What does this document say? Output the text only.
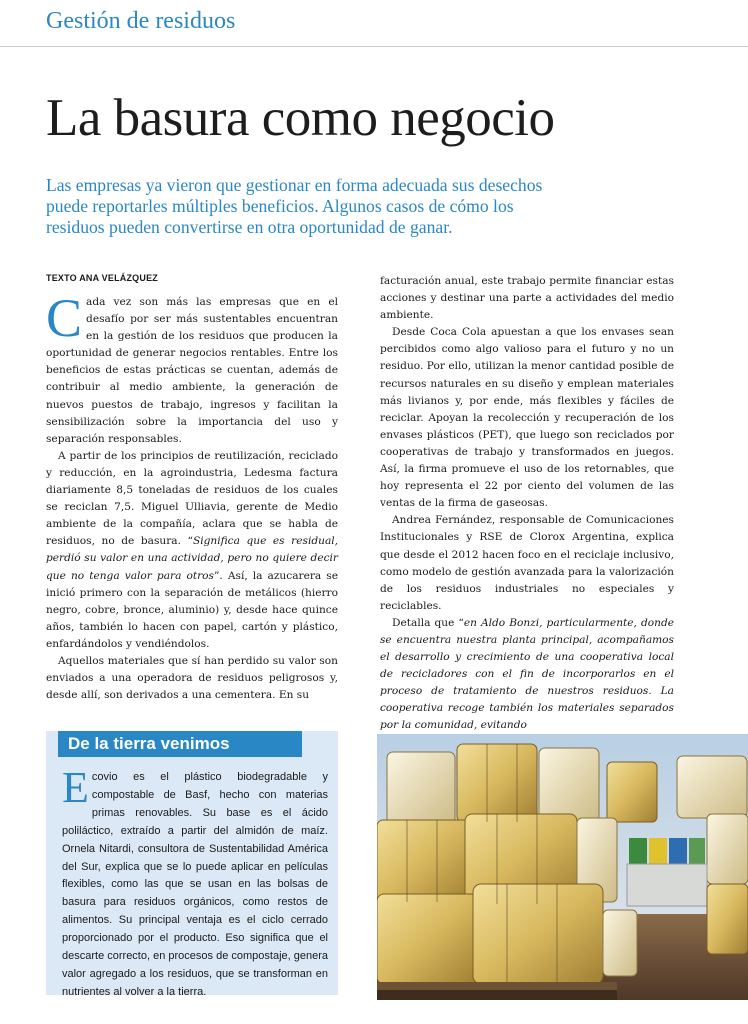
Gestión de residuos
La basura como negocio
Las empresas ya vieron que gestionar en forma adecuada sus desechos puede reportarles múltiples beneficios. Algunos casos de cómo los residuos pueden convertirse en otra oportunidad de ganar.
TEXTO ANA VELÁZQUEZ

Cada vez son más las empresas que en el desafío por ser más sustentables encuentran en la gestión de los residuos que producen la oportunidad de generar negocios rentables. Entre los beneficios de estas prácticas se cuentan, además de contribuir al medio ambiente, la generación de nuevos puestos de trabajo, ingresos y facilitan la sensibilización sobre la importancia del uso y separación responsables.

A partir de los principios de reutilización, reciclado y reducción, en la agroindustria, Ledesma factura diariamente 8,5 toneladas de residuos de los cuales se reciclan 7,5. Miguel Ulliavia, gerente de Medio ambiente de la compañía, aclara que se habla de residuos, no de basura. “Significa que es residual, perdió su valor en una actividad, pero no quiere decir que no tenga valor para otros”. Así, la azucarera se inició primero con la separación de metálicos (hierro negro, cobre, bronce, aluminio) y, desde hace quince años, también lo hacen con papel, cartón y plástico, enfardándolos y vendiéndolos.

Aquellos materiales que sí han perdido su valor son enviados a una operadora de residuos peligrosos y, desde allí, son derivados a una cementera. En su

facturación anual, este trabajo permite financiar estas acciones y destinar una parte a actividades del medio ambiente.

Desde Coca Cola apuestan a que los envases sean percibidos como algo valioso para el futuro y no un residuo. Por ello, utilizan la menor cantidad posible de recursos naturales en su diseño y emplean materiales más livianos y, por ende, más flexibles y fáciles de reciclar. Apoyan la recolección y recuperación de los envases plásticos (PET), que luego son reciclados por cooperativas de trabajo y transformados en juegos. Así, la firma promueve el uso de los retornables, que hoy representa el 22 por ciento del volumen de las ventas de la firma de gaseosas.

Andrea Fernández, responsable de Comunicaciones Institucionales y RSE de Clorox Argentina, explica que desde el 2012 hacen foco en el reciclaje inclusivo, como modelo de gestión avanzada para la valorización de los residuos industriales no especiales y reciclables.

Detalla que “en Aldo Bonzi, particularmente, donde se encuentra nuestra planta principal, acompañamos el desarrollo y crecimiento de una cooperativa local de recicladores con el fin de incorporarlos en el proceso de tratamiento de nuestros residuos. La cooperativa recoge también los materiales separados por la comunidad, evitando

De la tierra venimos
Ecovio es el plástico biodegradable y compostable de Basf, hecho con materias primas renovables. Su base es el ácido poliláctico, extraído a partir del almidón de maíz. Ornela Nitardi, consultora de Sustentabilidad América del Sur, explica que se lo puede aplicar en películas flexibles, como las que se usan en las bolsas de basura para residuos orgánicos, como restos de alimentos. Su principal ventaja es el ciclo cerrado proporcionado por el producto. Eso significa que el descarte correcto, en procesos de compostaje, genera valor agregado a los residuos, que se transforman en nutrientes al volver a la tierra.
